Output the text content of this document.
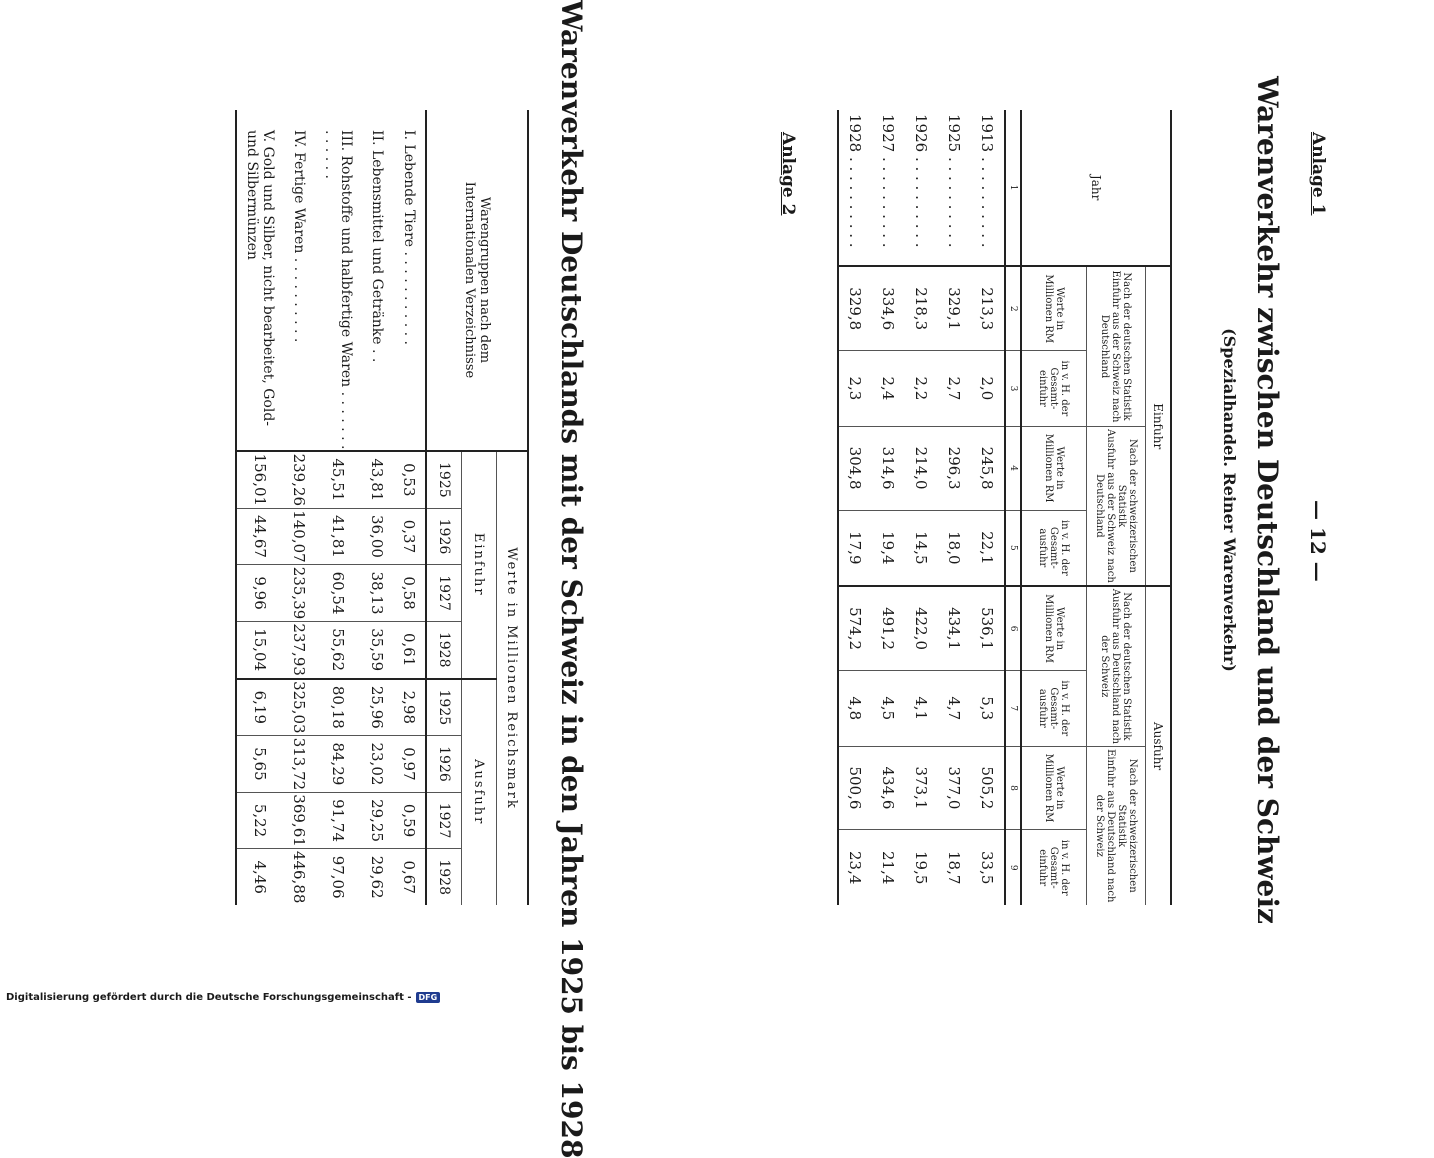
Anlage 1
— 12 —
Warenverkehr zwischen Deutschland und der Schweiz
(Spezialhandel. Reiner Warenverkehr)
Jahr	Einfuhr				Ausfuhr			
	Nach der deutschen Statistik
Einfuhr aus der Schweiz nach Deutschland		Nach der schweizerischen Statistik
Ausfuhr aus der Schweiz nach Deutschland		Nach der deutschen Statistik
Ausfuhr aus Deutschland nach der Schweiz		Nach der schweizerischen Statistik
Einfuhr aus Deutschland nach der Schweiz	
	Werte in Millionen RM	in v. H. der Gesamt-einfuhr	Werte in Millionen RM	in v. H. der Gesamt-ausfuhr	Werte in Millionen RM	in v. H. der Gesamt-ausfuhr	Werte in Millionen RM	in v. H. der Gesamt-einfuhr
1	2	3	4	5	6	7	8	9
1913 . . . . . . . . . .	213,3	2,0	245,8	22,1	536,1	5,3	505,2	33,5
1925 . . . . . . . . . .	329,1	2,7	296,3	18,0	434,1	4,7	377,0	18,7
1926 . . . . . . . . . .	218,3	2,2	214,0	14,5	422,0	4,1	373,1	19,5
1927 . . . . . . . . . .	334,6	2,4	314,6	19,4	491,2	4,5	434,6	21,4
1928 . . . . . . . . . .	329,8	2,3	304,8	17,9	574,2	4,8	500,6	23,4
Anlage 2
Warenverkehr Deutschlands mit der Schweiz in den Jahren 1925 bis 1928
Warengruppen nach dem Internationalen Verzeichnisse	Werte in Millionen Reichsmark							
	Einfuhr				Ausfuhr			
	1925	1926	1927	1928	1925	1926	1927	1928
I. Lebende Tiere . . . . . . . . . . .	0,53	0,37	0,58	0,61	2,98	0,97	0,59	0,67
II. Lebensmittel und Getränke . .	43,81	36,00	38,13	35,59	25,96	23,02	29,25	29,62
III. Rohstoffe und halbfertige Waren . . . . . . . . . . . . .	45,51	41,81	60,54	55,62	80,18	84,29	91,74	97,06
IV. Fertige Waren . . . . . . . . . .	239,26	140,07	235,39	237,93	325,03	313,72	369,61	446,88
V. Gold und Silber, nicht bearbeitet, Gold- und Silbermünzen	156,01	44,67	9,96	15,04	6,19	5,65	5,22	4,46
Digitalisierung gefördert durch die Deutsche Forschungsgemeinschaft - DFG
